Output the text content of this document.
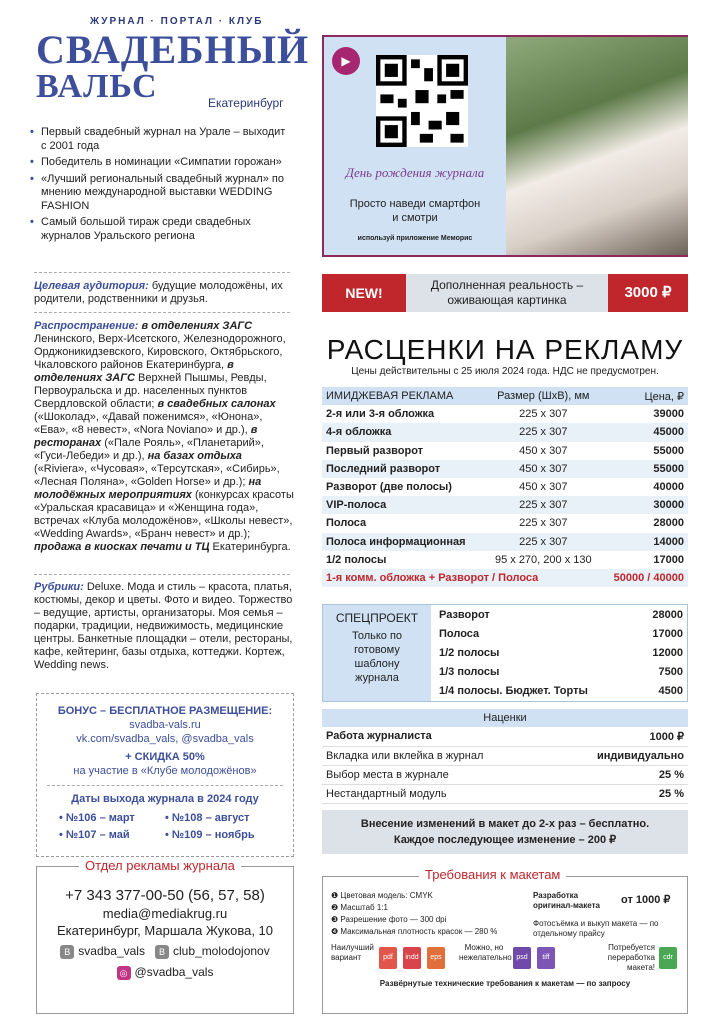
ЖУРНАЛ · ПОРТАЛ · КЛУБ
СВАДЕБНЫЙ
ВАЛЬС	Екатеринбург
• Первый свадебный журнал на Урале – выходит с 2001 года
• Победитель в номинации «Симпатии горожан»
• «Лучший региональный свадебный журнал» по мнению международной выставки WEDDING FASHION
• Самый большой тираж среди свадебных журналов Уральского региона
Целевая аудитория: будущие молодожёны, их родители, родственники и друзья.
Распространение: в отделениях ЗАГС Ленинского, Верх-Исетского, Железнодорожного, Орджоникидзевского, Кировского, Октябрьского, Чкаловского районов Екатеринбурга, в отделениях ЗАГС Верхней Пышмы, Ревды, Первоуральска и др. населенных пунктов Свердловской области; в свадебных салонах («Шоколад», «Давай поженимся», «Юнона», «Ева», «8 невест», «Nora Noviano» и др.), в ресторанах («Пале Рояль», «Планетарий», «Гуси-Лебеди» и др.), на базах отдыха («Riviera», «Чусовая», «Терсутская», «Сибирь», «Лесная Поляна», «Golden Horse» и др.); на молодёжных мероприятиях (конкурсах красоты «Уральская красавица» и «Женщина года», встречах «Клуба молодожёнов», «Школы невест», «Wedding Awards», «Бранч невест» и др.); продажа в киосках печати и ТЦ Екатеринбурга.
Рубрики: Deluxe. Мода и стиль – красота, платья, костюмы, декор и цветы. Фото и видео. Торжество – ведущие, артисты, организаторы. Моя семья – подарки, традиции, недвижимость, медицинские центры. Банкетные площадки – отели, рестораны, кафе, кейтеринг, базы отдыха, коттеджи. Кортеж, Wedding news.
БОНУС – БЕСПЛАТНОЕ РАЗМЕЩЕНИЕ:
svadba-vals.ru
vk.com/svadba_vals, @svadba_vals
+ СКИДКА 50%
на участие в «Клубе молодожёнов»
Даты выхода журнала в 2024 году
• №106 – март	• №108 – август
• №107 – май	• №109 – ноябрь
Отдел рекламы журнала
+7 343 377-00-50 (56, 57, 58)
media@mediakrug.ru
Екатеринбург, Маршала Жукова, 10
B svadba_vals B club_molodojonov
◎ @svadba_vals
▶
День рождения журнала
Просто наведи смартфон
и смотри
используй приложение Меморис
NEW!	Дополненная реальность –
оживающая картинка	3000 ₽
РАСЦЕНКИ НА РЕКЛАМУ
Цены действительны с 25 июля 2024 года. НДС не предусмотрен.
ИМИДЖЕВАЯ РЕКЛАМА	Размер (ШхВ), мм	Цена, ₽
2-я или 3-я обложка	225 х 307	39000
4-я обложка	225 х 307	45000
Первый разворот	450 х 307	55000
Последний разворот	450 х 307	55000
Разворот (две полосы)	450 х 307	40000
VIP-полоса	225 х 307	30000
Полоса	225 х 307	28000
Полоса информационная	225 х 307	14000
1/2 полосы	95 х 270, 200 х 130	17000
1-я комм. обложка + Разворот / Полоса		50000 / 40000
СПЕЦПРОЕКТ
Только по готовому шаблону журнала
Разворот	28000
Полоса	17000
1/2 полосы	12000
1/3 полосы	7500
1/4 полосы. Бюджет. Торты	4500
Наценки	
Работа журналиста	1000 ₽
Вкладка или вклейка в журнал	индивидуально
Выбор места в журнале	25 %
Нестандартный модуль	25 %
Внесение изменений в макет до 2-х раз – бесплатно.
Каждое последующее изменение – 200 ₽
Требования к макетам
❶ Цветовая модель: CMYK
❷ Масштаб 1:1
❸ Разрешение фото — 300 dpi
❹ Максимальная плотность красок — 280 %
Разработка оригинал-макета	от 1000 ₽
Фотосъёмка и выкуп макета — по отдельному прайсу
Наилучший вариант	pdf	indd	eps
Можно, но нежелательно psd	tiff
Потребуется переработка макета!
cdr
Развёрнутые технические требования к макетам — по запросу
